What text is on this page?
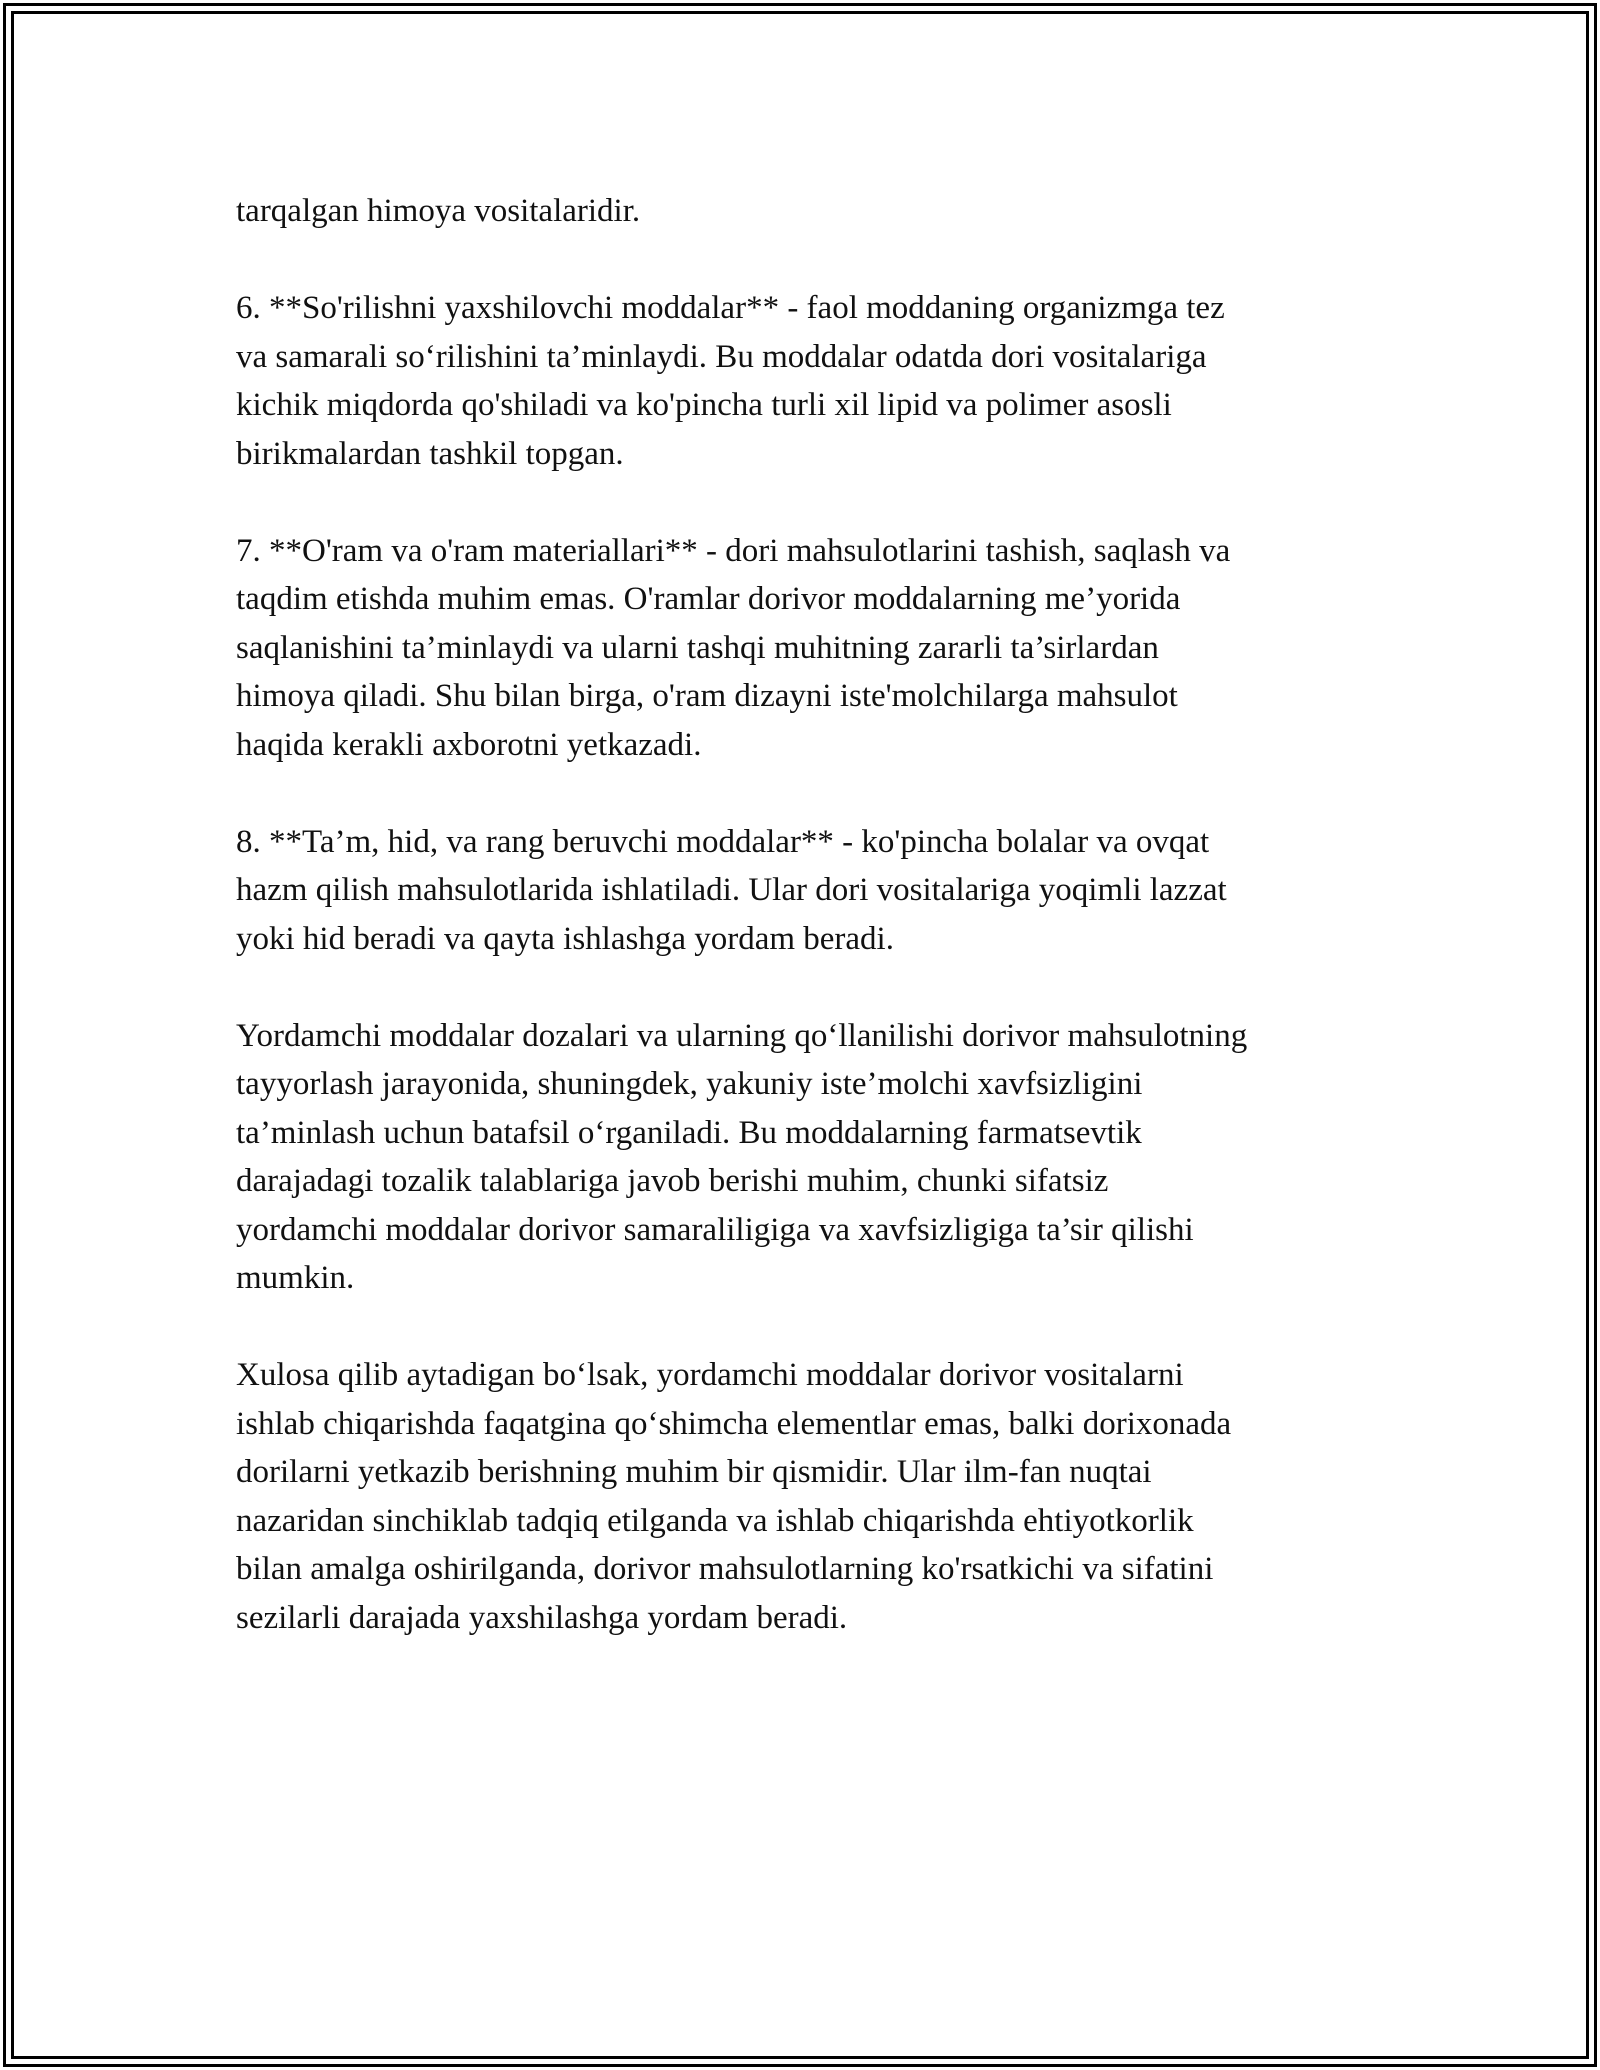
tarqalgan himoya vositalaridir.

6. **So'rilishni yaxshilovchi moddalar** - faol moddaning organizmga tez
va samarali so‘rilishini ta’minlaydi. Bu moddalar odatda dori vositalariga
kichik miqdorda qo'shiladi va ko'pincha turli xil lipid va polimer asosli
birikmalardan tashkil topgan.

7. **O'ram va o'ram materiallari** - dori mahsulotlarini tashish, saqlash va
taqdim etishda muhim emas. O'ramlar dorivor moddalarning me’yorida
saqlanishini ta’minlaydi va ularni tashqi muhitning zararli ta’sirlardan
himoya qiladi. Shu bilan birga, o'ram dizayni iste'molchilarga mahsulot
haqida kerakli axborotni yetkazadi.

8. **Ta’m, hid, va rang beruvchi moddalar** - ko'pincha bolalar va ovqat
hazm qilish mahsulotlarida ishlatiladi. Ular dori vositalariga yoqimli lazzat
yoki hid beradi va qayta ishlashga yordam beradi.

Yordamchi moddalar dozalari va ularning qo‘llanilishi dorivor mahsulotning
tayyorlash jarayonida, shuningdek, yakuniy iste’molchi xavfsizligini
ta’minlash uchun batafsil o‘rganiladi. Bu moddalarning farmatsevtik
darajadagi tozalik talablariga javob berishi muhim, chunki sifatsiz
yordamchi moddalar dorivor samaraliligiga va xavfsizligiga ta’sir qilishi
mumkin.

Xulosa qilib aytadigan bo‘lsak, yordamchi moddalar dorivor vositalarni
ishlab chiqarishda faqatgina qo‘shimcha elementlar emas, balki dorixonada
dorilarni yetkazib berishning muhim bir qismidir. Ular ilm-fan nuqtai
nazaridan sinchiklab tadqiq etilganda va ishlab chiqarishda ehtiyotkorlik
bilan amalga oshirilganda, dorivor mahsulotlarning ko'rsatkichi va sifatini
sezilarli darajada yaxshilashga yordam beradi.
